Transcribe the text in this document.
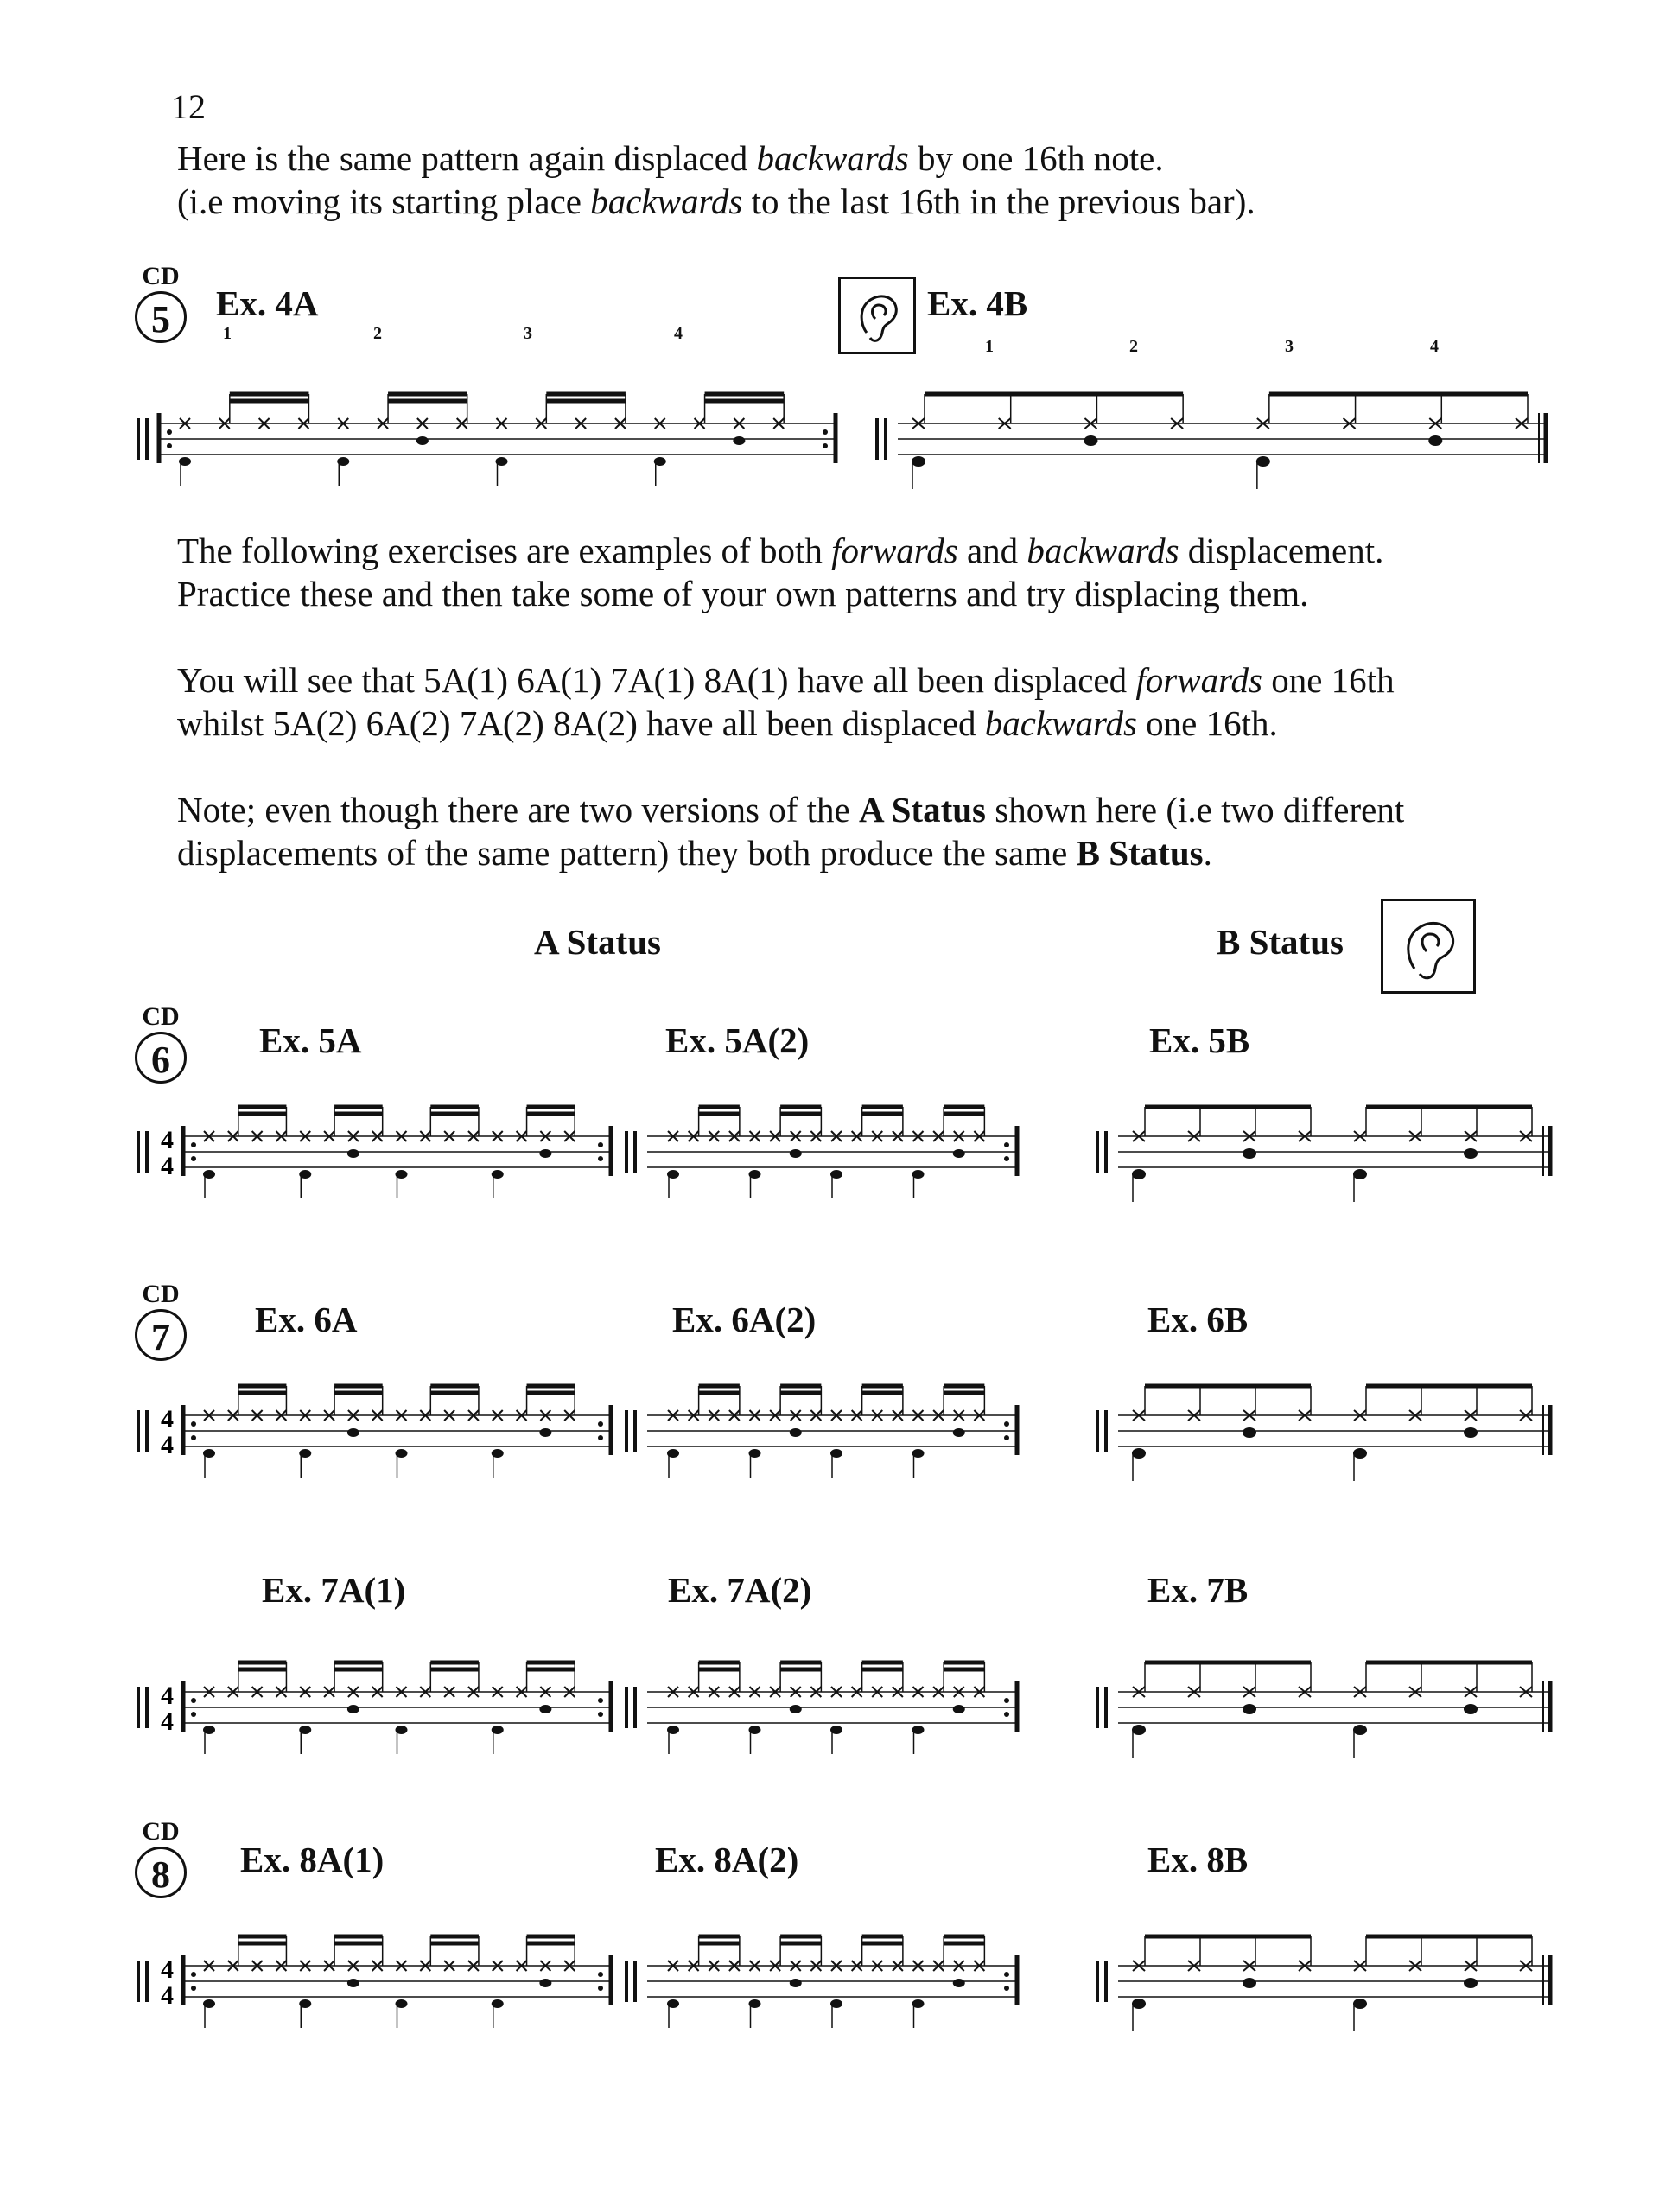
12
Here is the same pattern again displaced backwards by one 16th note.
(i.e moving its starting place backwards to the last 16th in the previous bar).
CD
5	Ex. 4A	Ex. 4B
1	2	3	4
1	2	3	4
The following exercises are examples of both forwards and backwards displacement.
Practice these and then take some of your own patterns and try displacing them.
You will see that 5A(1) 6A(1) 7A(1) 8A(1) have all been displaced forwards one 16th
whilst 5A(2) 6A(2) 7A(2) 8A(2) have all been displaced backwards one 16th.
Note; even though there are two versions of the A Status shown here (i.e two different
displacements of the same pattern) they both produce the same B Status.
A Status	B Status
CD
6	Ex. 5A	Ex. 5A(2)	Ex. 5B
CD
7	Ex. 6A	Ex. 6A(2)	Ex. 6B
Ex. 7A(1)	Ex. 7A(2)	Ex. 7B
CD
8	Ex. 8A(1)	Ex. 8A(2)	Ex. 8B
4
4
4
4
4
4
4
4
